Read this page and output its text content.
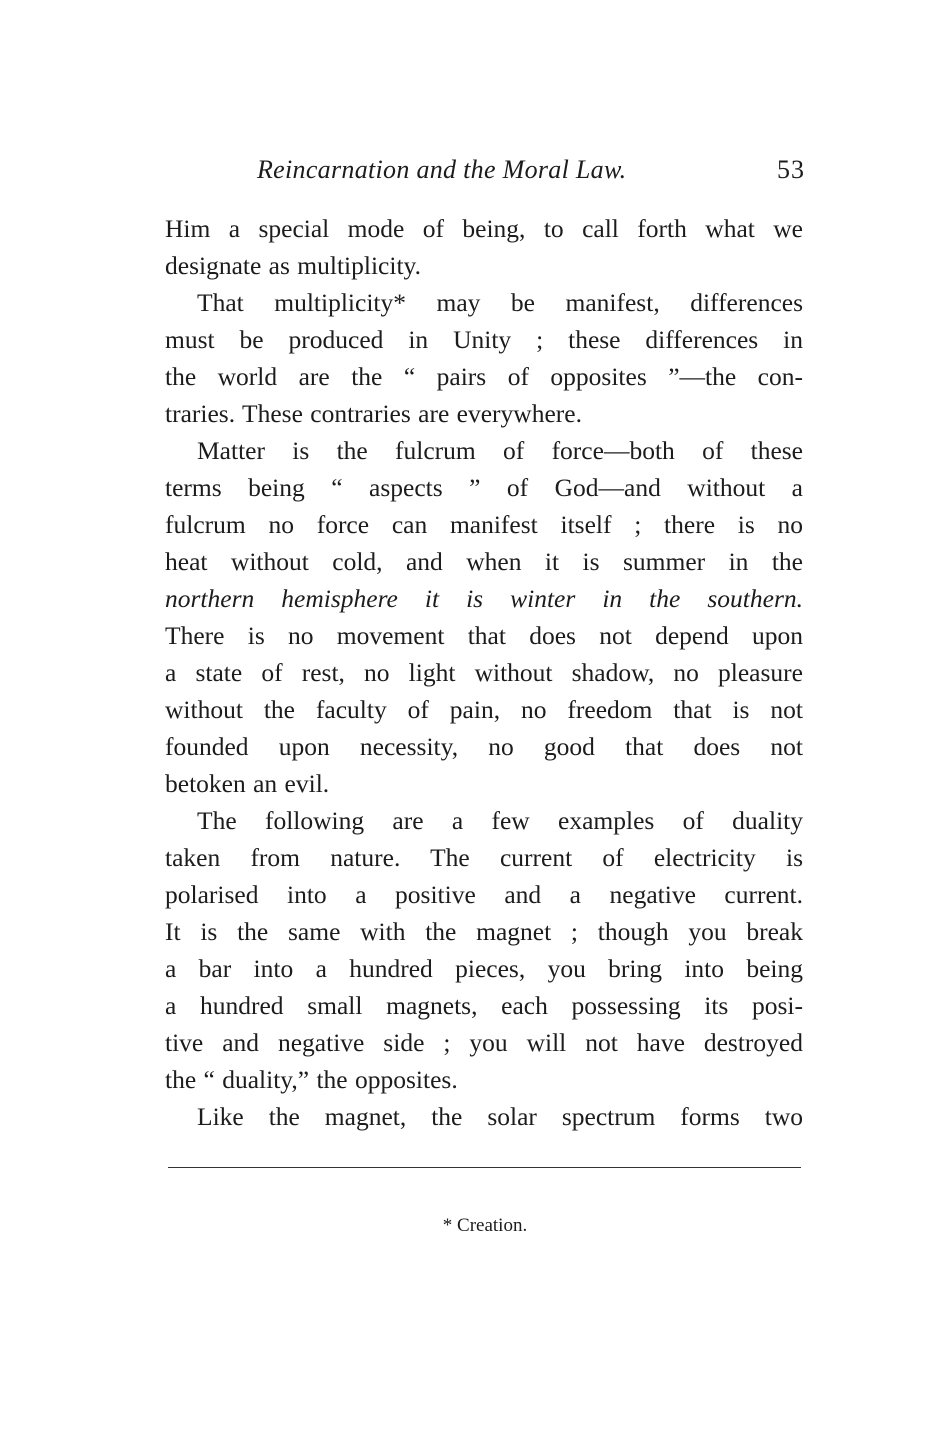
Reincarnation and the Moral Law.	53
Him a special mode of being, to call forth what we
designate as multiplicity.
That multiplicity* may be manifest, differences
must be produced in Unity ; these differences in
the world are the “ pairs of opposites ”—the con-
traries. These contraries are everywhere.
Matter is the fulcrum of force—both of these
terms being “ aspects ” of God—and without a
fulcrum no force can manifest itself ; there is no
heat without cold, and when it is summer in the
northern hemisphere it is winter in the southern.
There is no movement that does not depend upon
a state of rest, no light without shadow, no pleasure
without the faculty of pain, no freedom that is not
founded upon necessity, no good that does not
betoken an evil.
The following are a few examples of duality
taken from nature. The current of electricity is
polarised into a positive and a negative current.
It is the same with the magnet ; though you break
a bar into a hundred pieces, you bring into being
a hundred small magnets, each possessing its posi-
tive and negative side ; you will not have destroyed
the “ duality,” the opposites.
Like the magnet, the solar spectrum forms two
* Creation.
